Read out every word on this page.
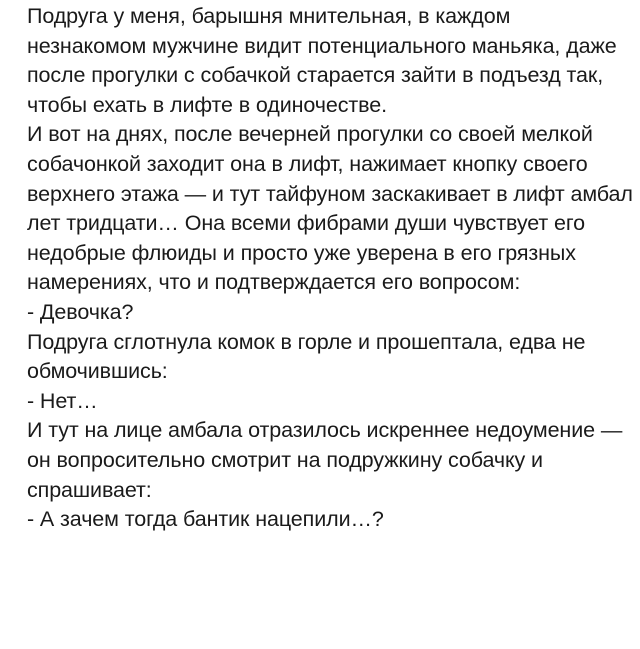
Подруга у меня, барышня мнительная, в каждом незнакомом мужчине видит потенциального маньяка, даже после прогулки с собачкой старается зайти в подъезд так, чтобы ехать в лифте в одиночестве.

И вот на днях, после вечерней прогулки со своей мелкой собачонкой заходит она в лифт, нажимает кнопку своего верхнего этажа — и тут тайфуном заскакивает в лифт амбал лет тридцати… Она всеми фибрами души чувствует его недобрые флюиды и просто уже уверена в его грязных намерениях, что и подтверждается его вопросом:

- Девочка?

Подруга сглотнула комок в горле и прошептала, едва не обмочившись:

- Нет…

И тут на лице амбала отразилось искреннее недоумение — он вопросительно смотрит на подружкину собачку и спрашивает:

- А зачем тогда бантик нацепили…?
